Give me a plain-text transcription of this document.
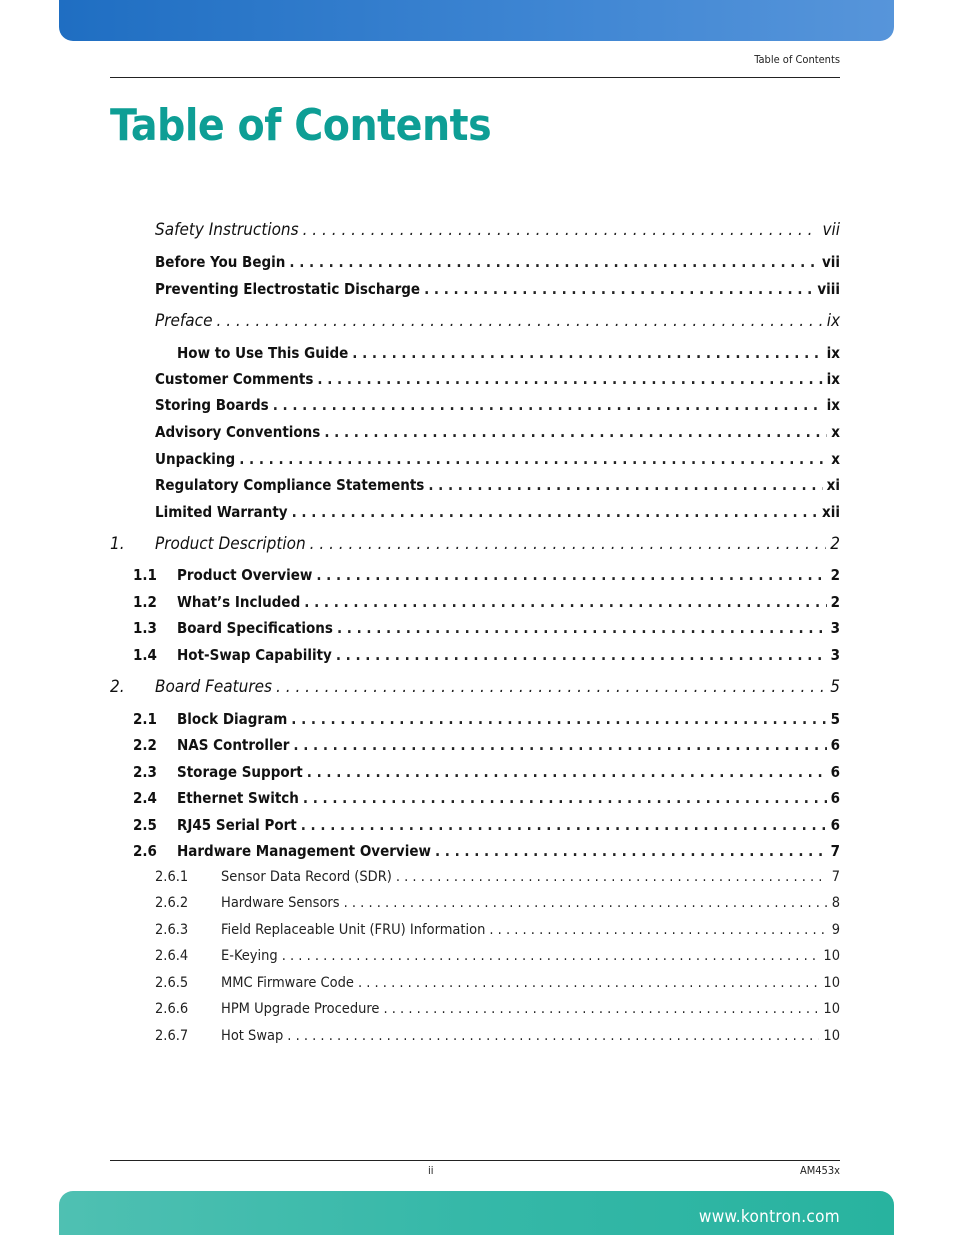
Table of Contents
Table of Contents
Safety Instructions . . .	vii
Before You Begin . . .	vii
Preventing Electrostatic Discharge . . .	viii
Preface . . .	ix
How to Use This Guide . . .	ix
Customer Comments . . .	ix
Storing Boards . . .	ix
Advisory Conventions . . .	x
Unpacking . . .	x
Regulatory Compliance Statements . . .	xi
Limited Warranty . . .	xii
1. Product Description . . .	2
1.1 Product Overview . . .	2
1.2 What’s Included . . .	2
1.3 Board Specifications . . .	3
1.4 Hot-Swap Capability . . .	3
2. Board Features . . .	5
2.1 Block Diagram . . .	5
2.2 NAS Controller . . .	6
2.3 Storage Support . . .	6
2.4 Ethernet Switch . . .	6
2.5 RJ45 Serial Port . . .	6
2.6 Hardware Management Overview . . .	7
2.6.1 Sensor Data Record (SDR) . . .	7
2.6.2 Hardware Sensors . . .	8
2.6.3 Field Replaceable Unit (FRU) Information . . .	9
2.6.4 E-Keying . . .	10
2.6.5 MMC Firmware Code . . .	10
2.6.6 HPM Upgrade Procedure . . .	10
2.6.7 Hot Swap . . .	10
ii	AM453x
www.kontron.com
